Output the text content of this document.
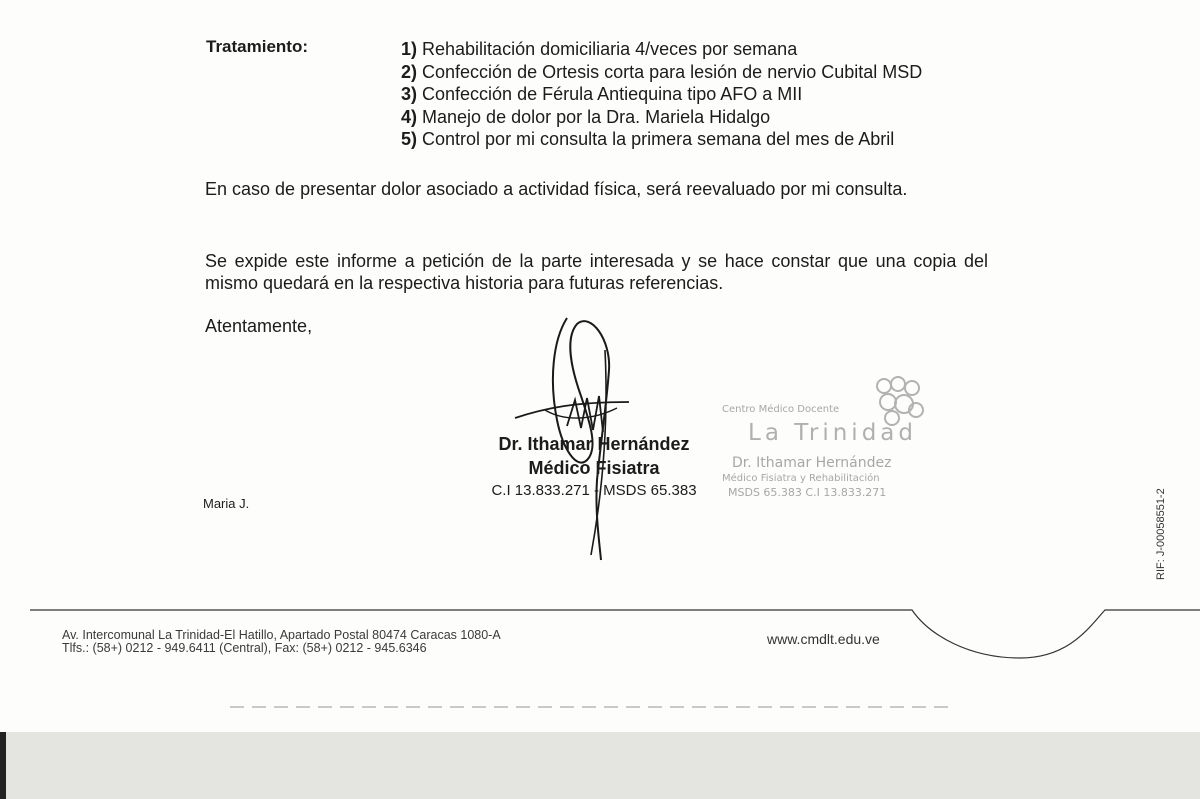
Tratamiento:	1) Rehabilitación domiciliaria 4/veces por semana
2) Confección de Ortesis corta para lesión de nervio Cubital MSD
3) Confección de Férula Antiequina tipo AFO a MII
4) Manejo de dolor por la Dra. Mariela Hidalgo
5) Control por mi consulta la primera semana del mes de Abril
En caso de presentar dolor asociado a actividad física, será reevaluado por mi consulta.
Se expide este informe a petición de la parte interesada y se hace constar que una copia del mismo quedará en la respectiva historia para futuras referencias.
Atentamente,
Dr. Ithamar Hernández
Médico Fisiatra
C.I 13.833.271 - MSDS 65.383
Maria J.
Centro Médico Docente
La Trinidad
Dr. Ithamar Hernández
Médico Fisiatra y Rehabilitación
MSDS 65.383 C.I 13.833.271	RIF: J-00058551-2
Av. Intercomunal La Trinidad-El Hatillo, Apartado Postal 80474 Caracas 1080-A
Tlfs.: (58+) 0212 - 949.6411 (Central), Fax: (58+) 0212 - 945.6346
www.cmdlt.edu.ve
